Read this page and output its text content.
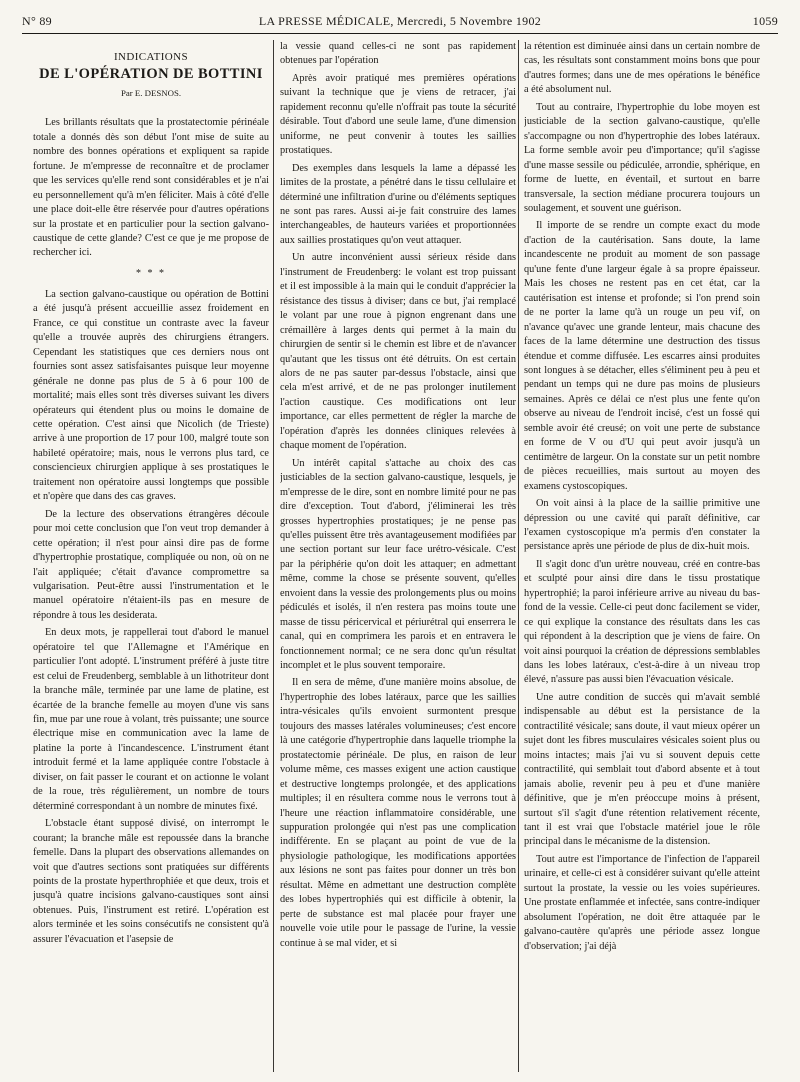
N° 89	LA PRESSE MÉDICALE, Mercredi, 5 Novembre 1902	1059
INDICATIONS
DE L'OPÉRATION DE BOTTINI
Par E. DESNOS.

Les brillants résultats que la prostatectomie périnéale totale a donnés dès son début l'ont mise de suite au nombre des bonnes opérations et expliquent sa rapide fortune. Je m'empresse de reconnaître et de proclamer que les services qu'elle rend sont considérables et je n'ai eu personnellement qu'à m'en féliciter. Mais à côté d'elle une place doit-elle être réservée pour d'autres opérations sur la prostate et en particulier pour la section galvano-caustique de cette glande? C'est ce que je me propose de rechercher ici.

* * *

La section galvano-caustique ou opération de Bottini a été jusqu'à présent accueillie assez froidement en France, ce qui constitue un contraste avec la faveur qu'elle a trouvée auprès des chirurgiens étrangers. Cependant les statistiques que ces derniers nous ont fournies sont assez satisfaisantes puisque leur moyenne générale ne donne pas plus de 5 à 6 pour 100 de mortalité; mais elles sont très diverses suivant les divers opérateurs qui étendent plus ou moins le domaine de cette opération. C'est ainsi que Nicolich (de Trieste) arrive à une proportion de 17 pour 100, malgré toute son habileté opératoire; mais, nous le verrons plus tard, ce consciencieux chirurgien applique à ses prostatiques le traitement non opératoire aussi longtemps que possible et n'opère que dans des cas graves.

De la lecture des observations étrangères découle pour moi cette conclusion que l'on veut trop demander à cette opération; il n'est pour ainsi dire pas de forme d'hypertrophie prostatique, compliquée ou non, où on ne l'ait appliquée; c'était d'avance compromettre sa vulgarisation. Peut-être aussi l'instrumentation et le manuel opératoire n'étaient-ils pas en mesure de répondre à tous les desiderata.

En deux mots, je rappellerai tout d'abord le manuel opératoire tel que l'Allemagne et l'Amérique en particulier l'ont adopté. L'instrument préféré à juste titre est celui de Freudenberg, semblable à un lithotriteur dont la branche mâle, terminée par une lame de platine, est écartée de la branche femelle au moyen d'une vis sans fin, mue par une roue à volant, très puissante; une source électrique mise en communication avec la lame de platine la porte à l'incandescence. L'instrument étant introduit fermé et la lame appliquée contre l'obstacle à diviser, on fait passer le courant et on actionne le volant de la roue, très régulièrement, un nombre de tours déterminé correspondant à un nombre de minutes fixé.

L'obstacle étant supposé divisé, on interrompt le courant; la branche mâle est repoussée dans la branche femelle. Dans la plupart des observations allemandes on voit que d'autres sections sont pratiquées sur différents points de la prostate hyperthrophiée et que deux, trois et jusqu'à quatre incisions galvano-caustiques sont ainsi obtenues. Puis, l'instrument est retiré. L'opération est alors terminée et les soins consécutifs ne consistent qu'à assurer l'évacuation et l'asepsie de

la vessie quand celles-ci ne sont pas rapidement obtenues par l'opération

Après avoir pratiqué mes premières opérations suivant la technique que je viens de retracer, j'ai rapidement reconnu qu'elle n'offrait pas toute la sécurité désirable. Tout d'abord une seule lame, d'une dimension uniforme, ne peut convenir à toutes les saillies prostatiques.

Des exemples dans lesquels la lame a dépassé les limites de la prostate, a pénétré dans le tissu cellulaire et déterminé une infiltration d'urine ou d'éléments septiques ne sont pas rares. Aussi ai-je fait construire des lames interchangeables, de hauteurs variées et proportionnées aux saillies prostatiques qu'on veut attaquer.

Un autre inconvénient aussi sérieux réside dans l'instrument de Freudenberg: le volant est trop puissant et il est impossible à la main qui le conduit d'apprécier la résistance des tissus à diviser; dans ce but, j'ai remplacé le volant par une roue à pignon engrenant dans une crémaillère à larges dents qui permet à la main du chirurgien de sentir si le chemin est libre et de n'avancer qu'autant que les tissus ont été détruits. On est certain alors de ne pas sauter par-dessus l'obstacle, ainsi que cela m'est arrivé, et de ne pas prolonger inutilement l'action caustique. Ces modifications ont leur importance, car elles permettent de régler la marche de l'opération d'après les données cliniques relevées à chaque moment de l'opération.

Un intérêt capital s'attache au choix des cas justiciables de la section galvano-caustique, lesquels, je m'empresse de le dire, sont en nombre limité pour ne pas dire d'exception. Tout d'abord, j'éliminerai les très grosses hypertrophies prostatiques; je ne pense pas qu'elles puissent être très avantageusement modifiées par une section portant sur leur face urétro-vésicale. C'est par la périphérie qu'on doit les attaquer; en admettant même, comme la chose se présente souvent, qu'elles envoient dans la vessie des prolongements plus ou moins pédiculés et isolés, il n'en restera pas moins toute une masse de tissu péricervical et périurétral qui enserrera le canal, qui en comprimera les parois et en entravera le fonctionnement normal; ce ne sera donc qu'un résultat incomplet et le plus souvent temporaire.

Il en sera de même, d'une manière moins absolue, de l'hypertrophie des lobes latéraux, parce que les saillies intra-vésicales qu'ils envoient surmontent presque toujours des masses latérales volumineuses; c'est encore là une catégorie d'hypertrophie dans laquelle triomphe la prostatectomie périnéale. De plus, en raison de leur volume même, ces masses exigent une action caustique et destructive longtemps prolongée, et des applications multiples; il en résultera comme nous le verrons tout à l'heure une réaction inflammatoire considérable, une suppuration prolongée qui n'est pas une complication indifférente. En se plaçant au point de vue de la physiologie pathologique, les modifications apportées aux lésions ne sont pas faites pour donner un très bon résultat. Même en admettant une destruction complète des lobes hypertrophiés qui est difficile à obtenir, la perte de substance est mal placée pour frayer une nouvelle voie utile pour le passage de l'urine, la vessie continue à se mal vider, et si

la rétention est diminuée ainsi dans un certain nombre de cas, les résultats sont constamment moins bons que pour d'autres formes; dans une de mes opérations le bénéfice a été absolument nul.

Tout au contraire, l'hypertrophie du lobe moyen est justiciable de la section galvano-caustique, qu'elle s'accompagne ou non d'hypertrophie des lobes latéraux. La forme semble avoir peu d'importance; qu'il s'agisse d'une masse sessile ou pédiculée, arrondie, sphérique, en forme de luette, en éventail, et surtout en barre transversale, la section médiane procurera toujours un soulagement, et souvent une guérison.

Il importe de se rendre un compte exact du mode d'action de la cautérisation. Sans doute, la lame incandescente ne produit au moment de son passage qu'une fente d'une largeur égale à sa propre épaisseur. Mais les choses ne restent pas en cet état, car la cautérisation est intense et profonde; si l'on prend soin de ne porter la lame qu'à un rouge un peu vif, on n'avance qu'avec une grande lenteur, mais chacune des faces de la lame détermine une destruction des tissus étendue et comme diffusée. Les escarres ainsi produites sont longues à se détacher, elles s'éliminent peu à peu et pendant un temps qui ne dure pas moins de plusieurs semaines. Après ce délai ce n'est plus une fente qu'on observe au niveau de l'endroit incisé, c'est un fossé qui semble avoir été creusé; on voit une perte de substance en forme de V ou d'U qui peut avoir jusqu'à un centimètre de largeur. On la constate sur un petit nombre de pièces recueillies, mais surtout au moyen des examens cystoscopiques.

On voit ainsi à la place de la saillie primitive une dépression ou une cavité qui paraît définitive, car l'examen cystoscopique m'a permis d'en constater la persistance après une période de plus de dix-huit mois.

Il s'agit donc d'un urètre nouveau, créé en contre-bas et sculpté pour ainsi dire dans le tissu prostatique hypertrophié; la paroi inférieure arrive au niveau du bas-fond de la vessie. Celle-ci peut donc facilement se vider, ce qui explique la constance des résultats dans les cas qui répondent à la description que je viens de faire. On voit ainsi pourquoi la création de dépressions semblables dans les lobes latéraux, c'est-à-dire à un niveau trop élevé, n'assure pas aussi bien l'évacuation vésicale.

Une autre condition de succès qui m'avait semblé indispensable au début est la persistance de la contractilité vésicale; sans doute, il vaut mieux opérer un sujet dont les fibres musculaires vésicales soient plus ou moins intactes; mais j'ai vu si souvent depuis cette contractilité, qui semblait tout d'abord absente et à tout jamais abolie, revenir peu à peu et d'une manière définitive, que je m'en préoccupe moins à présent, surtout s'il s'agit d'une rétention relativement récente, tant il est vrai que l'obstacle matériel joue le rôle principal dans le mécanisme de la distension.

Tout autre est l'importance de l'infection de l'appareil urinaire, et celle-ci est à considérer suivant qu'elle atteint surtout la prostate, la vessie ou les voies supérieures. Une prostate enflammée et infectée, sans contre-indiquer absolument l'opération, ne doit être attaquée par le galvano-cautère qu'après une période assez longue d'observation; j'ai déjà
